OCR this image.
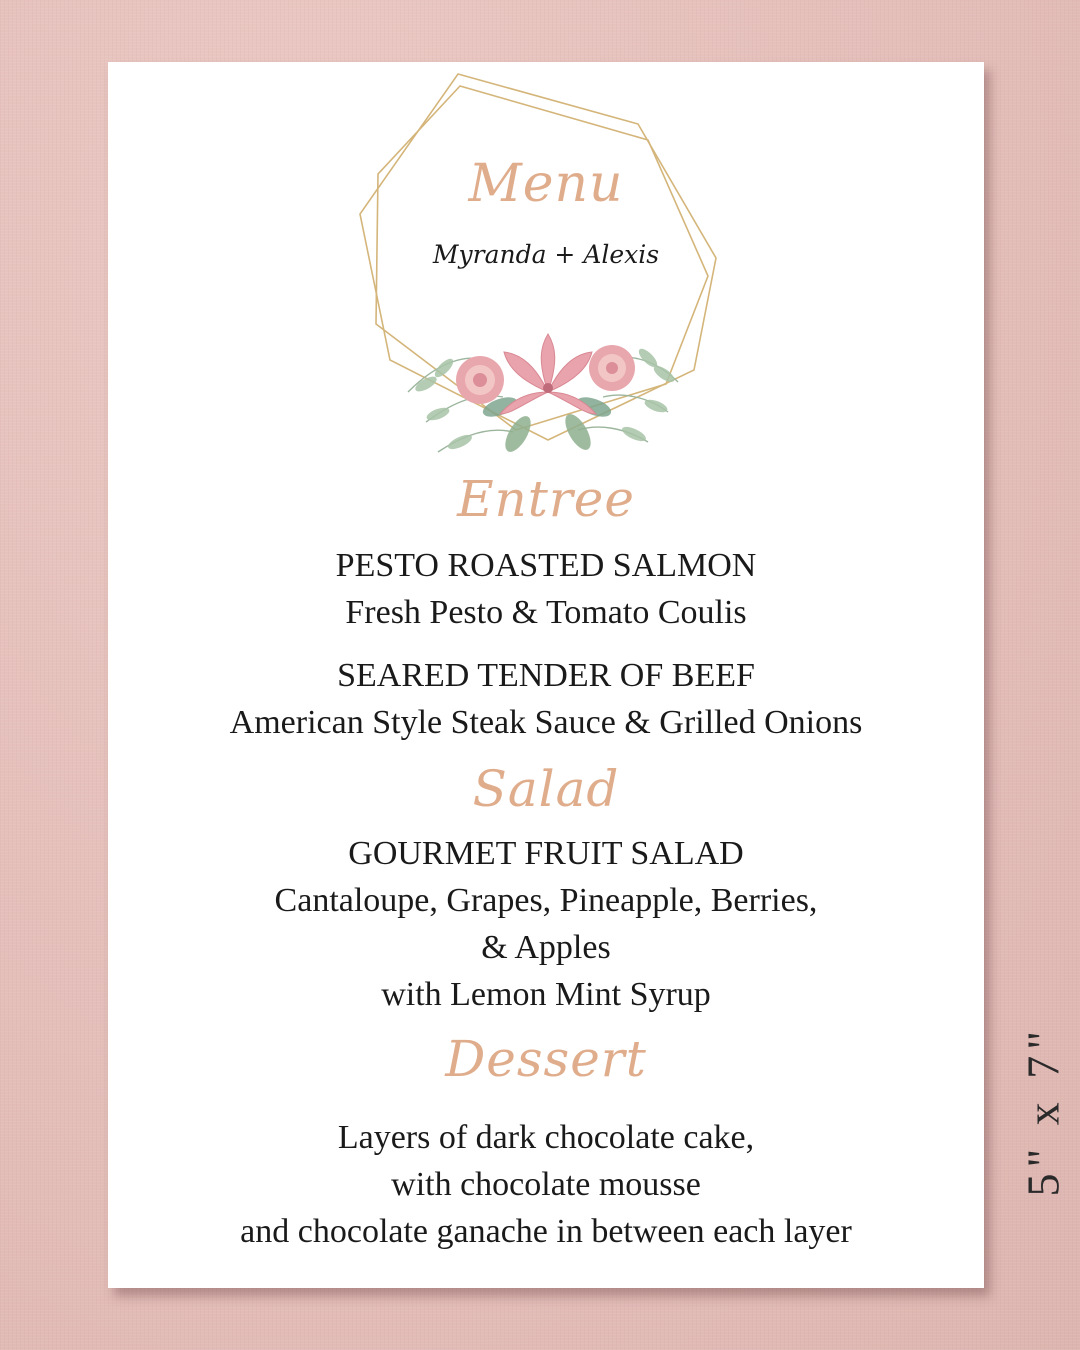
Menu
Myranda + Alexis
Entree
PESTO ROASTED SALMON
Fresh Pesto & Tomato Coulis
SEARED TENDER OF BEEF
American Style Steak Sauce & Grilled Onions
Salad
GOURMET FRUIT SALAD
Cantaloupe, Grapes, Pineapple, Berries,
& Apples
with Lemon Mint Syrup
Dessert
Layers of dark chocolate cake,
with chocolate mousse
and chocolate ganache in between each layer
5" x 7"
